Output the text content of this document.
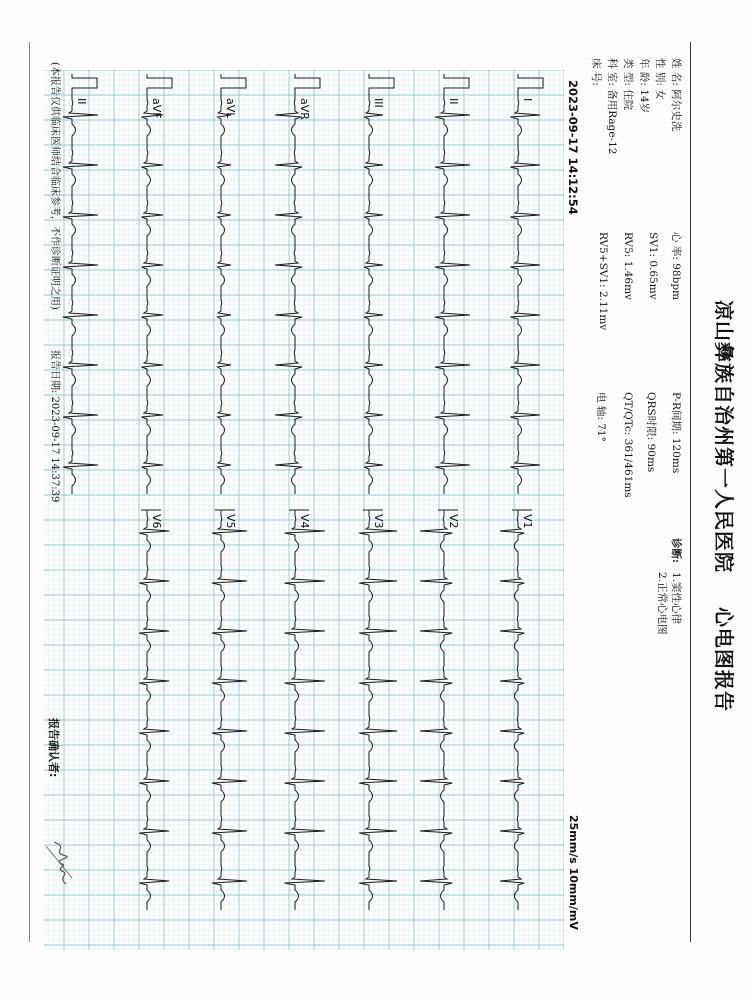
凉山彝族自治州第一人民医院  心电图报告
姓 名: 阿尔史洗
性 别: 女
年 龄: 14岁
类 型: 住院
科 室: 备用Rage-12
床 号:
心 率: 98bpm
SV1: 0.65mv
RV5: 1.46mv
RV5+SV1: 2.11mv
P-R间期: 120ms
QRS时限: 90ms
QT/QTc: 361/461ms
电 轴: 71°
诊断:
1.窦性心律
2.正常心电图
2023-09-17 14:12:54
25mm/s 10mm/mV
I
V1
II
V2
III
V3
aVR
V4
aVL
V5
aVF
V6
II
(本报告仅供临床医师结合临床参考，不作诊断证明之用)
报告日期: 2023-09-17 14:37:39
报告确认者:
